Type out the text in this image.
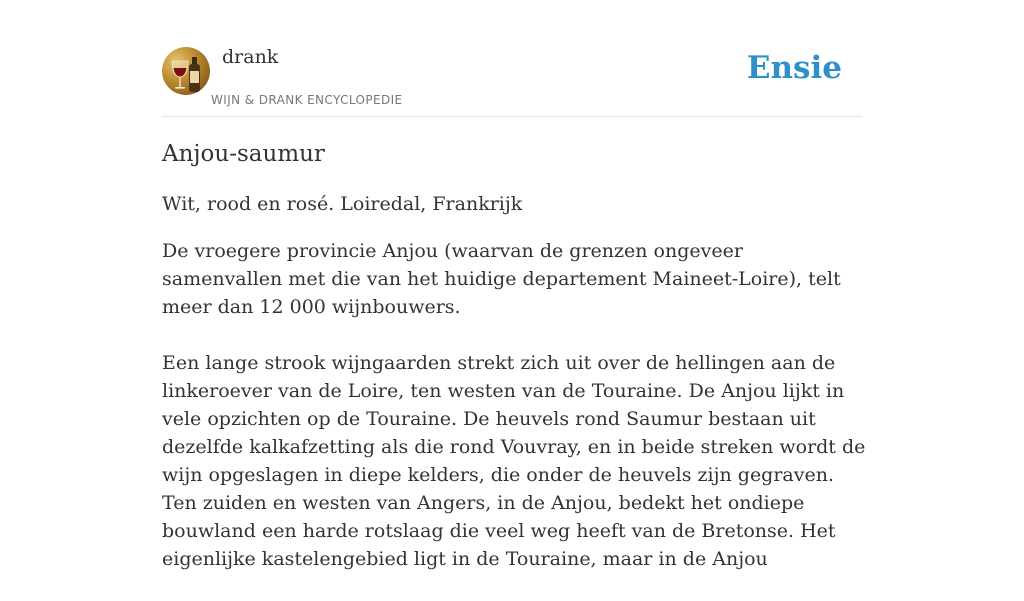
drank
WIJN & DRANK ENCYCLOPEDIE
Ensie
Anjou-saumur

Wit, rood en rosé. Loiredal, Frankrijk

De vroegere provincie Anjou (waarvan de grenzen ongeveer samenvallen met die van het huidige departement Maineet-Loire), telt meer dan 12 000 wijnbouwers.

Een lange strook wijngaarden strekt zich uit over de hellingen aan de linkeroever van de Loire, ten westen van de Touraine. De Anjou lijkt in vele opzichten op de Touraine. De heuvels rond Saumur bestaan uit dezelfde kalkafzetting als die rond Vouvray, en in beide streken wordt de wijn opgeslagen in diepe kelders, die onder de heuvels zijn gegraven. Ten zuiden en westen van Angers, in de Anjou, bedekt het ondiepe bouwland een harde rotslaag die veel weg heeft van de Bretonse. Het eigenlijke kastelengebied ligt in de Touraine, maar in de Anjou
